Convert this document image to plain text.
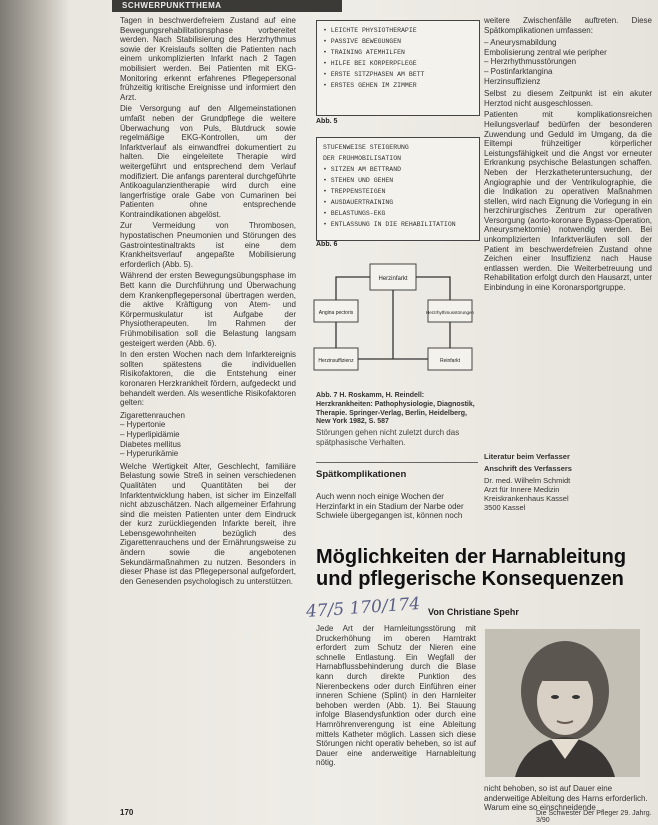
SCHWERPUNKTTHEMA

Tagen in beschwerdefreiem Zustand auf eine Bewegungsrehabilitationsphase vorbereitet werden. Nach Stabilisierung des Herzrhythmus sowie der Kreislaufs sollten die Patienten nach einem unkomplizierten Infarkt nach 2 Tagen mobilisiert werden. Bei Patienten mit EKG-Monitoring erkennt erfahrenes Pflegepersonal frühzeitig kritische Ereignisse und informiert den Arzt.

Die Versorgung auf den Allgemeinstationen umfaßt neben der Grundpflege die weitere Überwachung von Puls, Blutdruck sowie regelmäßige EKG-Kontrollen, um der Infarktverlauf als einwandfrei dokumentiert zu halten. Die eingeleitete Therapie wird weitergeführt und entsprechend dem Verlauf modifiziert. Die anfangs parenteral durchgeführte Antikoagulanzientherapie wird durch eine langerfristige orale Gabe von Cumarinen bei Patienten ohne entsprechende Kontraindikationen abgelöst.

Zur Vermeidung von Thrombosen, hypostatischen Pneumonien und Störungen des Gastrointestinaltrakts ist eine dem Krankheitsverlauf angepaßte Mobilisierung erforderlich (Abb. 5).

Während der ersten Bewegungsübungsphase im Bett kann die Durchführung und Überwachung dem Krankenpflegepersonal übertragen werden, die aktive Kräftigung von Atem- und Körpermuskulatur ist Aufgabe der Physiotherapeuten. Im Rahmen der Frühmobilisation soll die Belastung langsam gesteigert werden (Abb. 6).

In den ersten Wochen nach dem Infarktereignis sollten spätestens die individuellen Risikofaktoren, die die Entstehung einer koronaren Herzkrankheit fördern, aufgedeckt und behandelt werden. Als wesentliche Risikofaktoren gelten:

Zigarettenrauchen
– Hypertonie
– Hyperlipidämie
Diabetes mellitus
– Hyperurikämie

Welche Wertigkeit Alter, Geschlecht, familiäre Belastung sowie Streß in seinen verschiedenen Qualitäten und Quantitäten bei der Infarktentwicklung haben, ist sicher im Einzelfall nicht abzuschätzen. Nach allgemeiner Erfahrung sind die meisten Patienten unter dem Eindruck der kurz zurückliegenden Infarkte bereit, ihre Lebensgewohnheiten bezüglich des Zigarettenrauchens und der Ernährungsweise zu ändern sowie die angebotenen Sekundärmaßnahmen zu nutzen. Besonders in dieser Phase ist das Pflegepersonal aufgefordert, den Genesenden psychologisch zu unterstützen.

• LEICHTE PHYSIOTHERAPIE
• PASSIVE BEWEGUNGEN
• TRAINING ATEMHILFEN
• HILFE BEI KÖRPERPFLEGE
• ERSTE SITZPHASEN AM BETT
• ERSTES GEHEN IM ZIMMER
Abb. 5
STUFENWEISE STEIGERUNG
DER FRÜHMOBILISATION
• SITZEN AM BETTRAND
• STEHEN UND GEHEN
• TREPPENSTEIGEN
• AUSDAUERTRAINING
• BELASTUNGS-EKG
• ENTLASSUNG IN DIE REHABILITATION
Abb. 6
Herzinfarkt
Angina pectoris	Herzrhythmusstörungen
Herzinsuffizienz	Reinfarkt
Abb. 7 H. Roskamm, H. Reindell: Herzkrankheiten: Pathophysiologie, Diagnostik, Therapie. Springer-Verlag, Berlin, Heidelberg, New York 1982, S. 587
Störungen gehen nicht zuletzt durch das spätphasische Verhalten.
Spätkomplikationen
Auch wenn noch einige Wochen der Herzinfarkt in ein Stadium der Narbe oder Schwiele übergegangen ist, können noch

weitere Zwischenfälle auftreten. Diese Spätkomplikationen umfassen:

– Aneurysmabildung
Embolisierung zentral wie peripher
– Herzrhythmusstörungen
– Postinfarktangina
Herzinsuffizienz

Selbst zu diesem Zeitpunkt ist ein akuter Herztod nicht ausgeschlossen.

Patienten mit komplikationsreichen Heilungsverlauf bedürfen der besonderen Zuwendung und Geduld im Umgang, da die Eiltempi frühzeitiger körperlicher Leistungsfähigkeit und die Angst vor erneuter Erkrankung psychische Belastungen schaffen. Neben der Herzkatheteruntersuchung, der Angiographie und der Ventrikulographie, die die Indikation zu operativen Maßnahmen stellen, wird nach Eignung die Vorlegung in ein herzchirurgisches Zentrum zur operativen Versorgung (aorto-koronare Bypass-Operation, Aneurysmektomie) notwendig werden. Bei unkomplizierten Infarktverläufen soll der Patient im beschwerdefreien Zustand ohne Zeichen einer Insuffizienz nach Hause entlassen werden. Die Weiterbetreuung und Rehabilitation erfolgt durch den Hausarzt, unter Einbindung in eine Koronarsportgruppe.

Literatur beim Verfasser
Anschrift des Verfassers
Dr. med. Wilhelm Schmidt
Arzt für Innere Medizin
Kreiskrankenhaus Kassel
3500 Kassel
Möglichkeiten der Harnableitung und pflegerische Konsequenzen
47/5 170/174 Von Christiane Spehr
Jede Art der Harnleitungsstörung mit Druckerhöhung im oberen Harntrakt erfordert zum Schutz der Nieren eine schnelle Entlastung. Ein Wegfall der Harnabflussbehinderung durch die Blase kann durch direkte Punktion des Nierenbeckens oder durch Einführen einer inneren Schiene (Splint) in den Harnleiter behoben werden (Abb. 1). Bei Stauung infolge Blasendysfunktion oder durch eine Harnröhrenverengung ist eine Ableitung mittels Katheter möglich. Lassen sich diese Störungen nicht operativ beheben, so ist auf Dauer eine anderweitige Harnableitung nötig.
nicht behoben, so ist auf Dauer eine anderweitige Ableitung des Harns erforderlich. Warum eine so einschneidende
170	Die Schwester Der Pfleger 29. Jahrg. 3/90
